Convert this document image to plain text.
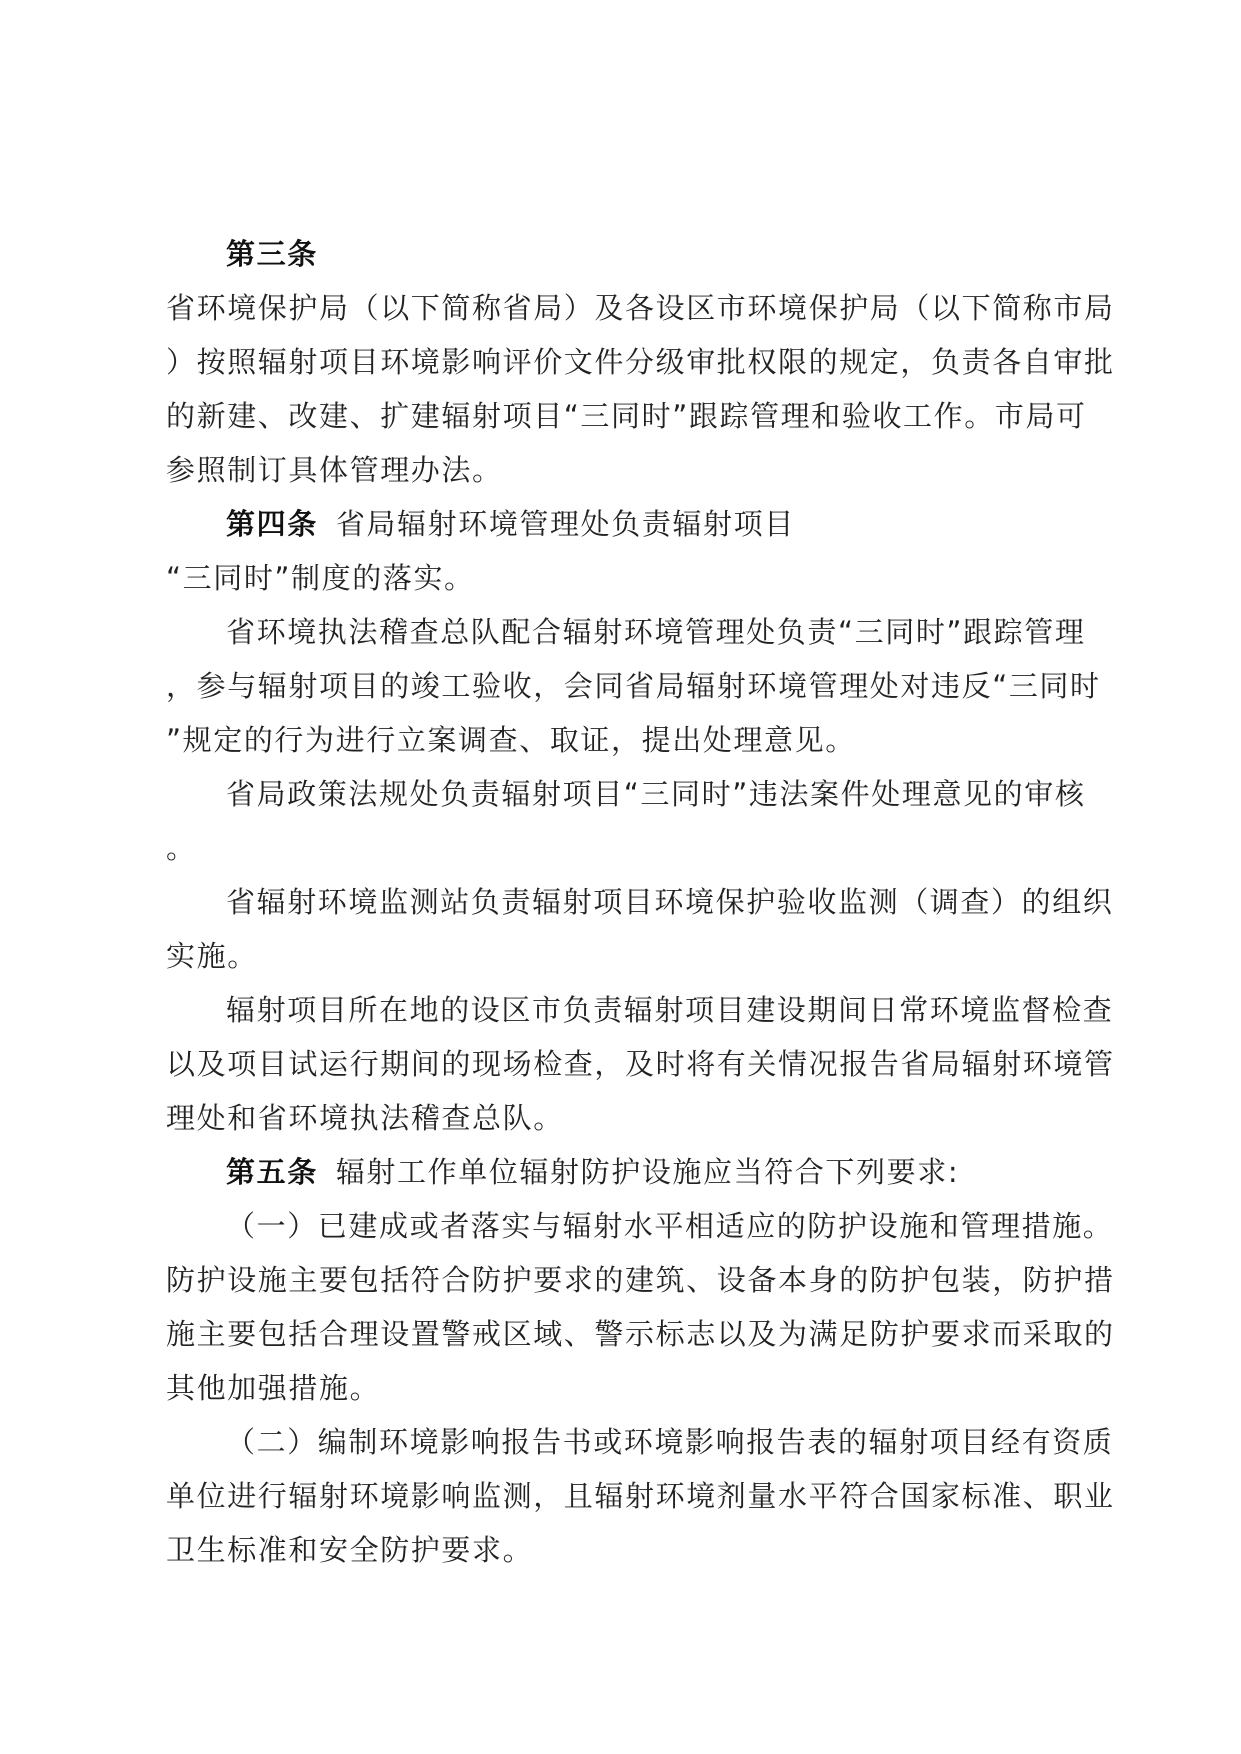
第三条
省环境保护局（以下简称省局）及各设区市环境保护局（以下简称市局
）按照辐射项目环境影响评价文件分级审批权限的规定，负责各自审批
的新建、改建、扩建辐射项目“三同时”跟踪管理和验收工作。市局可
参照制订具体管理办法。
第四条 省局辐射环境管理处负责辐射项目
“三同时”制度的落实。
省环境执法稽查总队配合辐射环境管理处负责“三同时”跟踪管理
，参与辐射项目的竣工验收，会同省局辐射环境管理处对违反“三同时
”规定的行为进行立案调查、取证，提出处理意见。
省局政策法规处负责辐射项目“三同时”违法案件处理意见的审核
。
省辐射环境监测站负责辐射项目环境保护验收监测（调查）的组织
实施。
辐射项目所在地的设区市负责辐射项目建设期间日常环境监督检查
以及项目试运行期间的现场检查，及时将有关情况报告省局辐射环境管
理处和省环境执法稽查总队。
第五条 辐射工作单位辐射防护设施应当符合下列要求:
（一）已建成或者落实与辐射水平相适应的防护设施和管理措施。
防护设施主要包括符合防护要求的建筑、设备本身的防护包装，防护措
施主要包括合理设置警戒区域、警示标志以及为满足防护要求而采取的
其他加强措施。
（二）编制环境影响报告书或环境影响报告表的辐射项目经有资质
单位进行辐射环境影响监测，且辐射环境剂量水平符合国家标准、职业
卫生标准和安全防护要求。
